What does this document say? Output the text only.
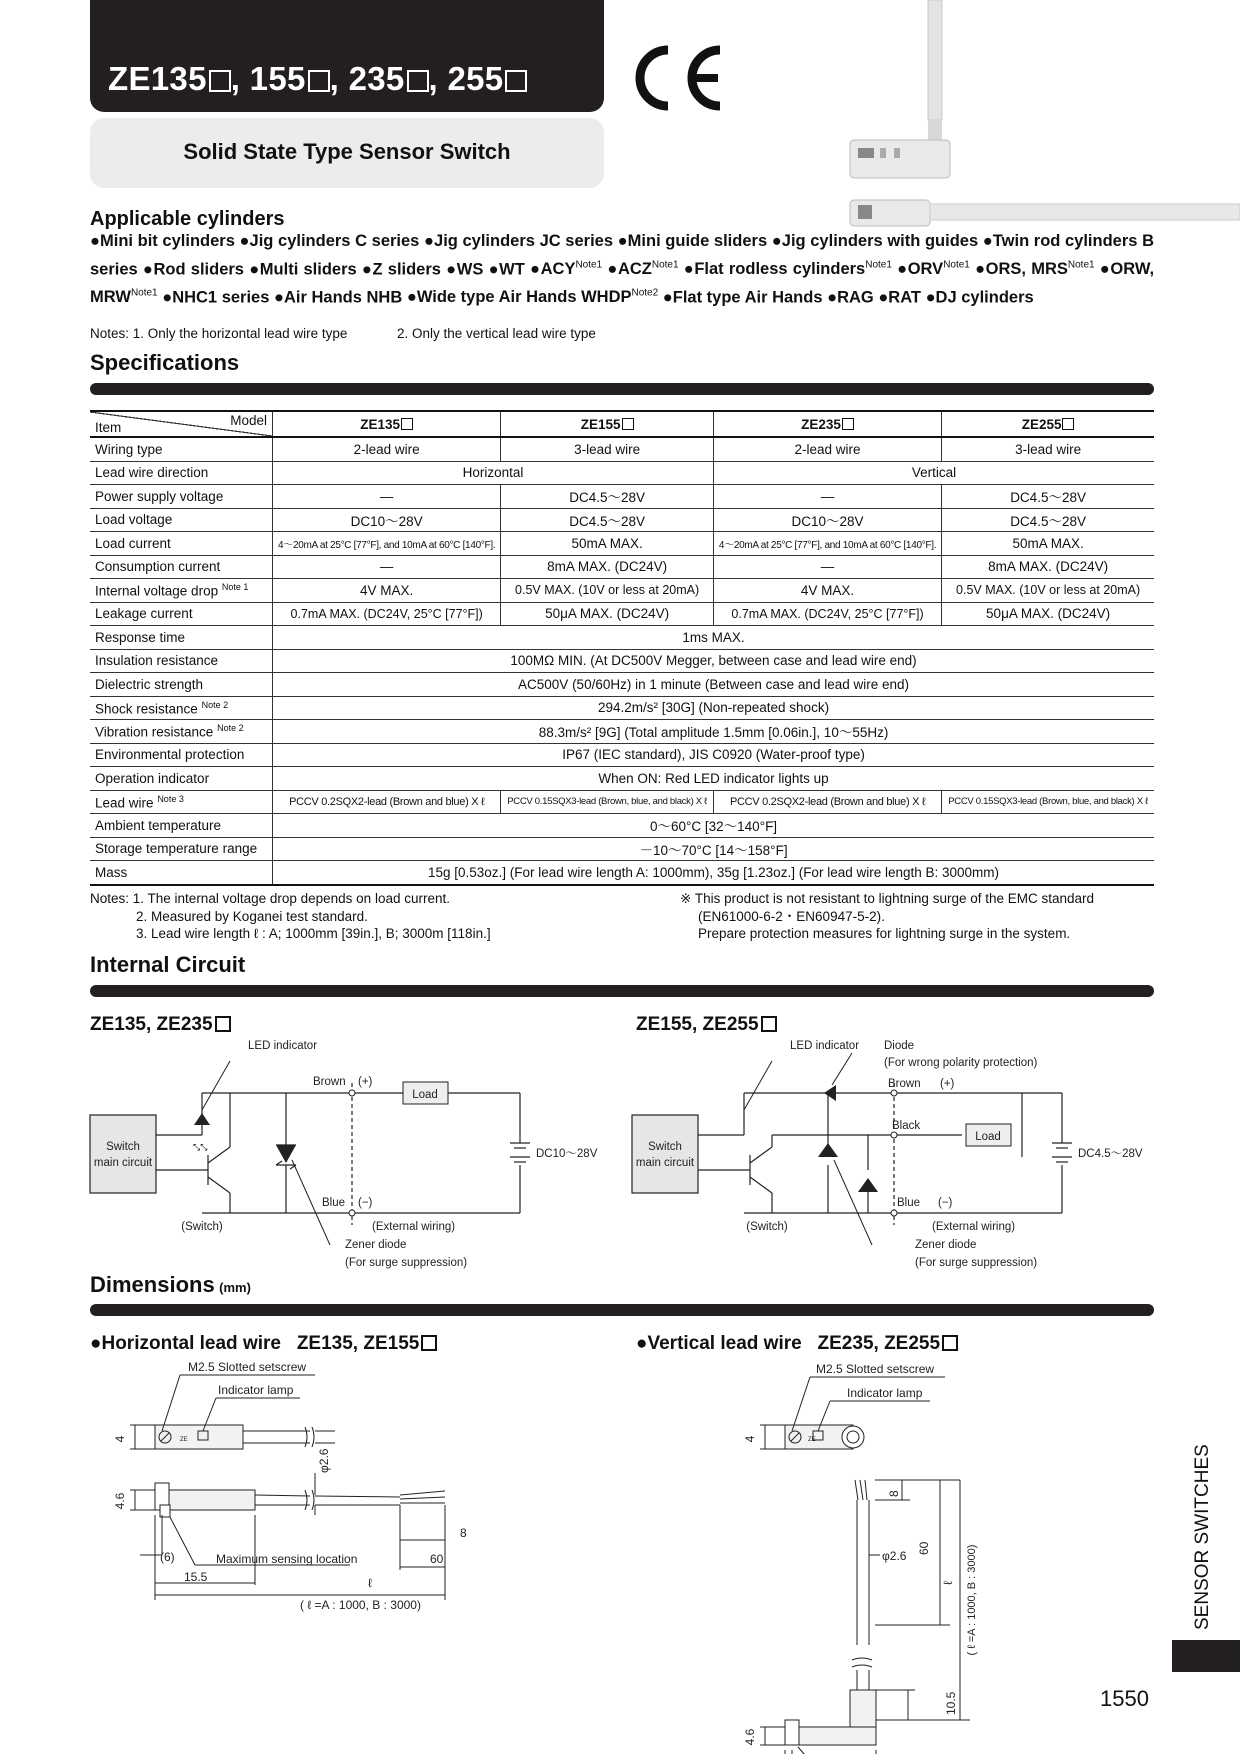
ZE135 , 155 , 235 , 255
Solid State Type Sensor Switch
Applicable cylinders
●Mini bit cylinders ●Jig cylinders C series ●Jig cylinders JC series ●Mini guide sliders ●Jig cylinders with guides ●Twin rod cylinders B series ●Rod sliders ●Multi sliders ●Z sliders ●WS ●WT $●ACY^{Note1}$ $●ACZ^{Note1}$ ●Flat rodless cylinders$^{Note1}$ $●ORV^{Note1}$ ●ORS, $MRS^{Note1}$ ●ORW, $MRW^{Note1}$ ●NHC1 series ●Air Hands NHB ●Wide type Air Hands $WHDP^{Note2}$ ●Flat type Air Hands ●RAG ●RAT ●DJ cylinders
Notes: 1. Only the horizontal lead wire type	2. Only the vertical lead wire type
Specifications
Item Model	ZE135	ZE155	ZE235	ZE255
Wiring type	2-lead wire	3-lead wire	2-lead wire	3-lead wire
Lead wire direction	Horizontal		Vertical	
Power supply voltage	—	DC4.5～28V	—	DC4.5～28V
Load voltage	DC10～28V	DC4.5～28V	DC10～28V	DC4.5～28V
Load current	4～20mA at 25°C [77°F], and 10mA at 60°C [140°F].	50mA MAX.	4～20mA at 25°C [77°F], and 10mA at 60°C [140°F].	50mA MAX.
Consumption current	—	8mA MAX. (DC24V)	—	8mA MAX. (DC24V)
Internal voltage drop $^{Note 1}$	4V MAX.	0.5V MAX. (10V or less at 20mA)	4V MAX.	0.5V MAX. (10V or less at 20mA)
Leakage current	0.7mA MAX. (DC24V, 25°C [77°F])	50μA MAX. (DC24V)	0.7mA MAX. (DC24V, 25°C [77°F])	50μA MAX. (DC24V)
Response time	1ms MAX.			
Insulation resistance	100MΩ MIN. (At DC500V Megger, between case and lead wire end)			
Dielectric strength	AC500V (50/60Hz) in 1 minute (Between case and lead wire end)			
Shock resistance $^{Note 2}$	294.2m/s² [30G] (Non-repeated shock)			
Vibration resistance $^{Note 2}$	88.3m/s² [9G] (Total amplitude 1.5mm [0.06in.], 10～55Hz)			
Environmental protection	IP67 (IEC standard), JIS C0920 (Water-proof type)			
Operation indicator	When ON: Red LED indicator lights up			
Lead wire $^{Note 3}$	PCCV 0.2SQX2-lead (Brown and blue) X ℓ	PCCV 0.15SQX3-lead (Brown, blue, and black) X ℓ	PCCV 0.2SQX2-lead (Brown and blue) X ℓ	PCCV 0.15SQX3-lead (Brown, blue, and black) X ℓ
Ambient temperature	0～60°C [32～140°F]			
Storage temperature range	－10～70°C [14～158°F]			
Mass	15g [0.53oz.] (For lead wire length A: 1000mm), 35g [1.23oz.] (For lead wire length B: 3000mm)			
Notes: 1. The internal voltage drop depends on load current.
2. Measured by Koganei test standard.
3. Lead wire length ℓ : A; 1000mm [39in.], B; 3000m [118in.]
※ This product is not resistant to lightning surge of the EMC standard
(EN61000-6-2・EN60947-5-2).
Prepare protection measures for lightning surge in the system.
Internal Circuit
ZE135, ZE235	ZE155, ZE255
⤡⤡
Switch
main circuit
LED indicator
Brown (+)
Load
DC10～28V
Blue (−)
(Switch)	(External wiring)
Zener diode
(For surge suppression)
Switch
main circuit
LED indicator Diode
(For wrong polarity protection)
Brown (+)
Black
Load
DC4.5～28V
Blue (−)
(Switch)	(External wiring)
Zener diode
(For surge suppression)
Dimensions (mm)
●Horizontal lead wire ZE135, ZE155	●Vertical lead wire ZE235, ZE255
M2.5 Slotted setscrew
Indicator lamp
4
4.6
φ2.6
8
(6)	Maximum sensing location	60
15.5	ℓ
( ℓ =A : 1000, B : 3000)
ZE
M2.5 Slotted setscrew
Indicator lamp
4
8
60
φ2.6
ℓ ( ℓ =A : 1000, B : 3000)
10.5
4.6
ZE
SENSOR SWITCHES
1550
